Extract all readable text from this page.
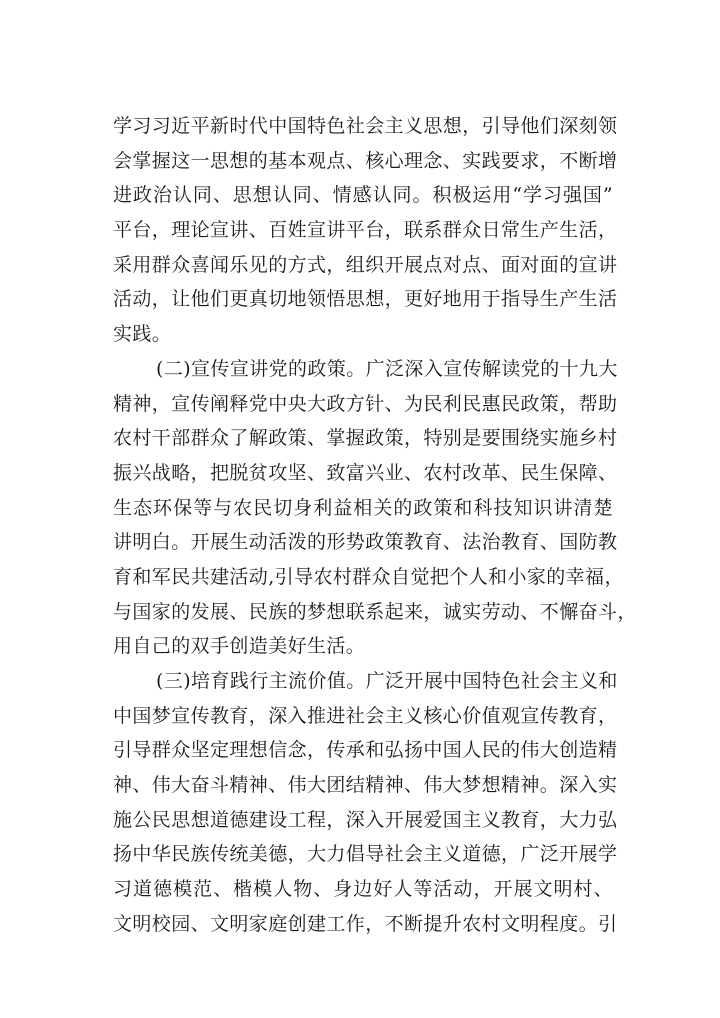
学习习近平新时代中国特色社会主义思想，引导他们深刻领
会掌握这一思想的基本观点、核心理念、实践要求，不断增
进政治认同、思想认同、情感认同。积极运用“学习强国”
平台，理论宣讲、百姓宣讲平台，联系群众日常生产生活，
采用群众喜闻乐见的方式，组织开展点对点、面对面的宣讲
活动，让他们更真切地领悟思想，更好地用于指导生产生活
实践。
(二)宣传宣讲党的政策。广泛深入宣传解读党的十九大
精神，宣传阐释党中央大政方针、为民利民惠民政策，帮助
农村干部群众了解政策、掌握政策，特别是要围绕实施乡村
振兴战略，把脱贫攻坚、致富兴业、农村改革、民生保障、
生态环保等与农民切身利益相关的政策和科技知识讲清楚
讲明白。开展生动活泼的形势政策教育、法治教育、国防教
育和军民共建活动,引导农村群众自觉把个人和小家的幸福，
与国家的发展、民族的梦想联系起来，诚实劳动、不懈奋斗，
用自己的双手创造美好生活。
(三)培育践行主流价值。广泛开展中国特色社会主义和
中国梦宣传教育，深入推进社会主义核心价值观宣传教育，
引导群众坚定理想信念，传承和弘扬中国人民的伟大创造精
神、伟大奋斗精神、伟大团结精神、伟大梦想精神。深入实
施公民思想道德建设工程，深入开展爱国主义教育，大力弘
扬中华民族传统美德，大力倡导社会主义道德，广泛开展学
习道德模范、楷模人物、身边好人等活动，开展文明村、
文明校园、文明家庭创建工作，不断提升农村文明程度。引
